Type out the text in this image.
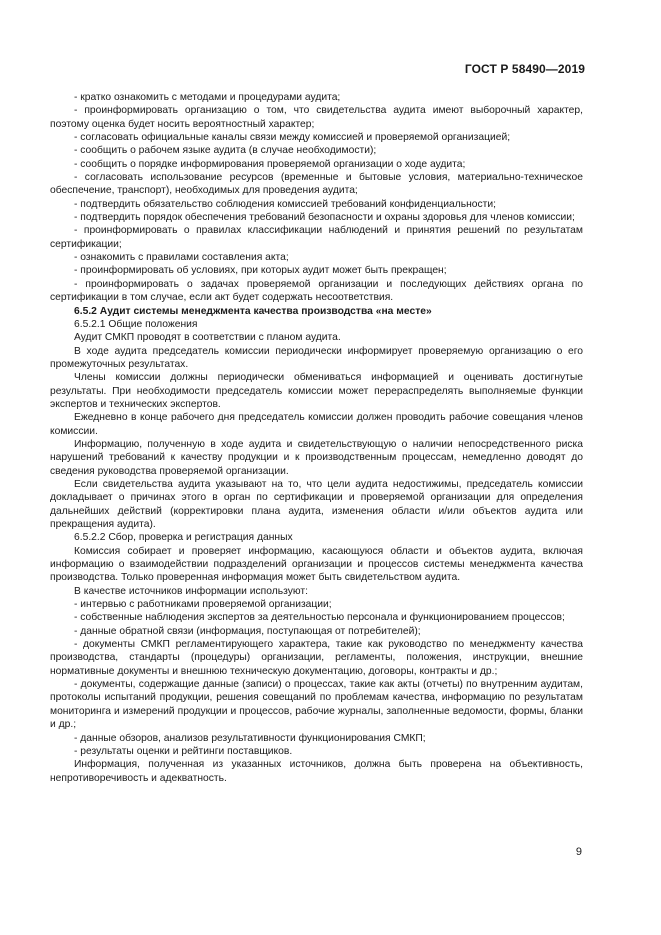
ГОСТ Р 58490—2019

- кратко ознакомить с методами и процедурами аудита;

- проинформировать организацию о том, что свидетельства аудита имеют выборочный характер, поэтому оценка будет носить вероятностный характер;

- согласовать официальные каналы связи между комиссией и проверяемой организацией;

- сообщить о рабочем языке аудита (в случае необходимости);

- сообщить о порядке информирования проверяемой организации о ходе аудита;

- согласовать использование ресурсов (временные и бытовые условия, материально-техническое обеспечение, транспорт), необходимых для проведения аудита;

- подтвердить обязательство соблюдения комиссией требований конфиденциальности;

- подтвердить порядок обеспечения требований безопасности и охраны здоровья для членов комиссии;

- проинформировать о правилах классификации наблюдений и принятия решений по результатам сертификации;

- ознакомить с правилами составления акта;

- проинформировать об условиях, при которых аудит может быть прекращен;

- проинформировать о задачах проверяемой организации и последующих действиях органа по сертификации в том случае, если акт будет содержать несоответствия.

6.5.2 Аудит системы менеджмента качества производства «на месте»

6.5.2.1 Общие положения

Аудит СМКП проводят в соответствии с планом аудита.

В ходе аудита председатель комиссии периодически информирует проверяемую организацию о его промежуточных результатах.

Члены комиссии должны периодически обмениваться информацией и оценивать достигнутые результаты. При необходимости председатель комиссии может перераспределять выполняемые функции экспертов и технических экспертов.

Ежедневно в конце рабочего дня председатель комиссии должен проводить рабочие совещания членов комиссии.

Информацию, полученную в ходе аудита и свидетельствующую о наличии непосредственного риска нарушений требований к качеству продукции и к производственным процессам, немедленно доводят до сведения руководства проверяемой организации.

Если свидетельства аудита указывают на то, что цели аудита недостижимы, председатель комиссии докладывает о причинах этого в орган по сертификации и проверяемой организации для определения дальнейших действий (корректировки плана аудита, изменения области и/или объектов аудита или прекращения аудита).

6.5.2.2 Сбор, проверка и регистрация данных

Комиссия собирает и проверяет информацию, касающуюся области и объектов аудита, включая информацию о взаимодействии подразделений организации и процессов системы менеджмента качества производства. Только проверенная информация может быть свидетельством аудита.

В качестве источников информации используют:

- интервью с работниками проверяемой организации;

- собственные наблюдения экспертов за деятельностью персонала и функционированием процессов;

- данные обратной связи (информация, поступающая от потребителей);

- документы СМКП регламентирующего характера, такие как руководство по менеджменту качества производства, стандарты (процедуры) организации, регламенты, положения, инструкции, внешние нормативные документы и внешнюю техническую документацию, договоры, контракты и др.;

- документы, содержащие данные (записи) о процессах, такие как акты (отчеты) по внутренним аудитам, протоколы испытаний продукции, решения совещаний по проблемам качества, информацию по результатам мониторинга и измерений продукции и процессов, рабочие журналы, заполненные ведомости, формы, бланки и др.;

- данные обзоров, анализов результативности функционирования СМКП;

- результаты оценки и рейтинги поставщиков.

Информация, полученная из указанных источников, должна быть проверена на объективность, непротиворечивость и адекватность.

9
